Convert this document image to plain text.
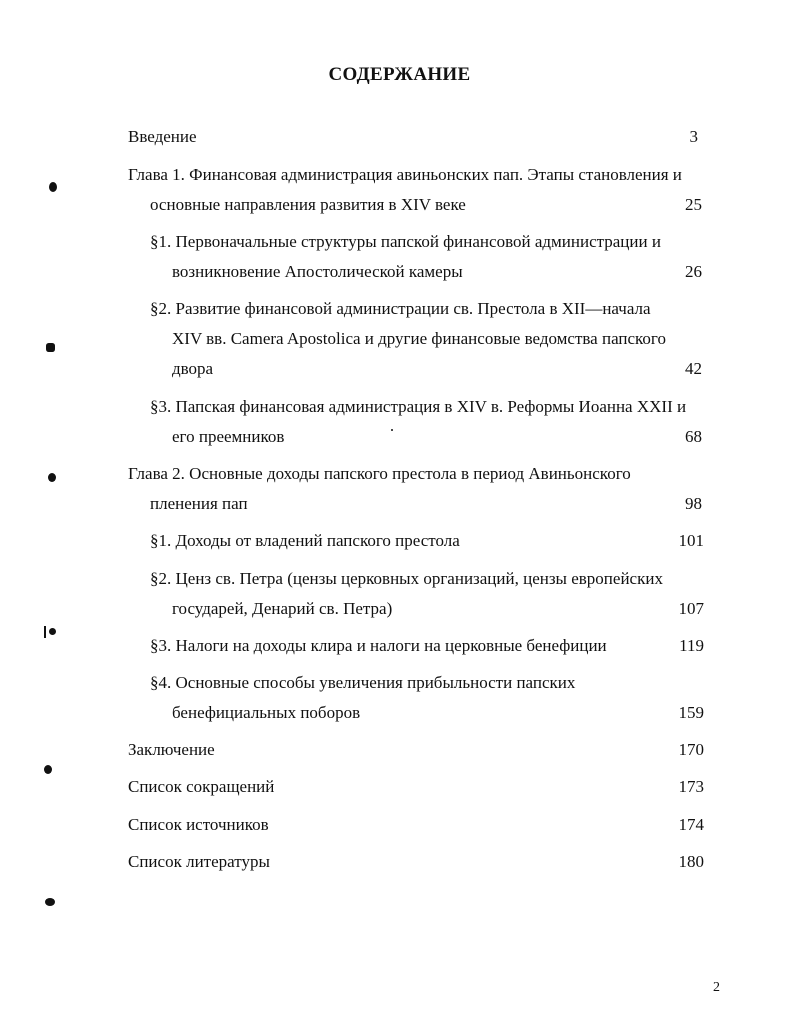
СОДЕРЖАНИЕ
Введение	3
Глава 1. Финансовая администрация авиньонских пап. Этапы становления и
основные направления развития в XIV веке	25
§1. Первоначальные структуры папской финансовой администрации и
возникновение Апостолической камеры	26
§2. Развитие финансовой администрации св. Престола в XII—начала
XIV вв. Camera Apostolica и другие финансовые ведомства папского
двора	42
§3. Папская финансовая администрация в XIV в. Реформы Иоанна XXII и
его преемников	68
Глава 2. Основные доходы папского престола в период Авиньонского
пленения пап	98
§1. Доходы от владений папского престола	101
§2. Ценз св. Петра (цензы церковных организаций, цензы европейских
государей, Денарий св. Петра)	107
§3. Налоги на доходы клира и налоги на церковные бенефиции	119
§4. Основные способы увеличения прибыльности папских
бенефициальных поборов	159
Заключение	170
Список сокращений	173
Список источников	174
Список литературы	180
2
